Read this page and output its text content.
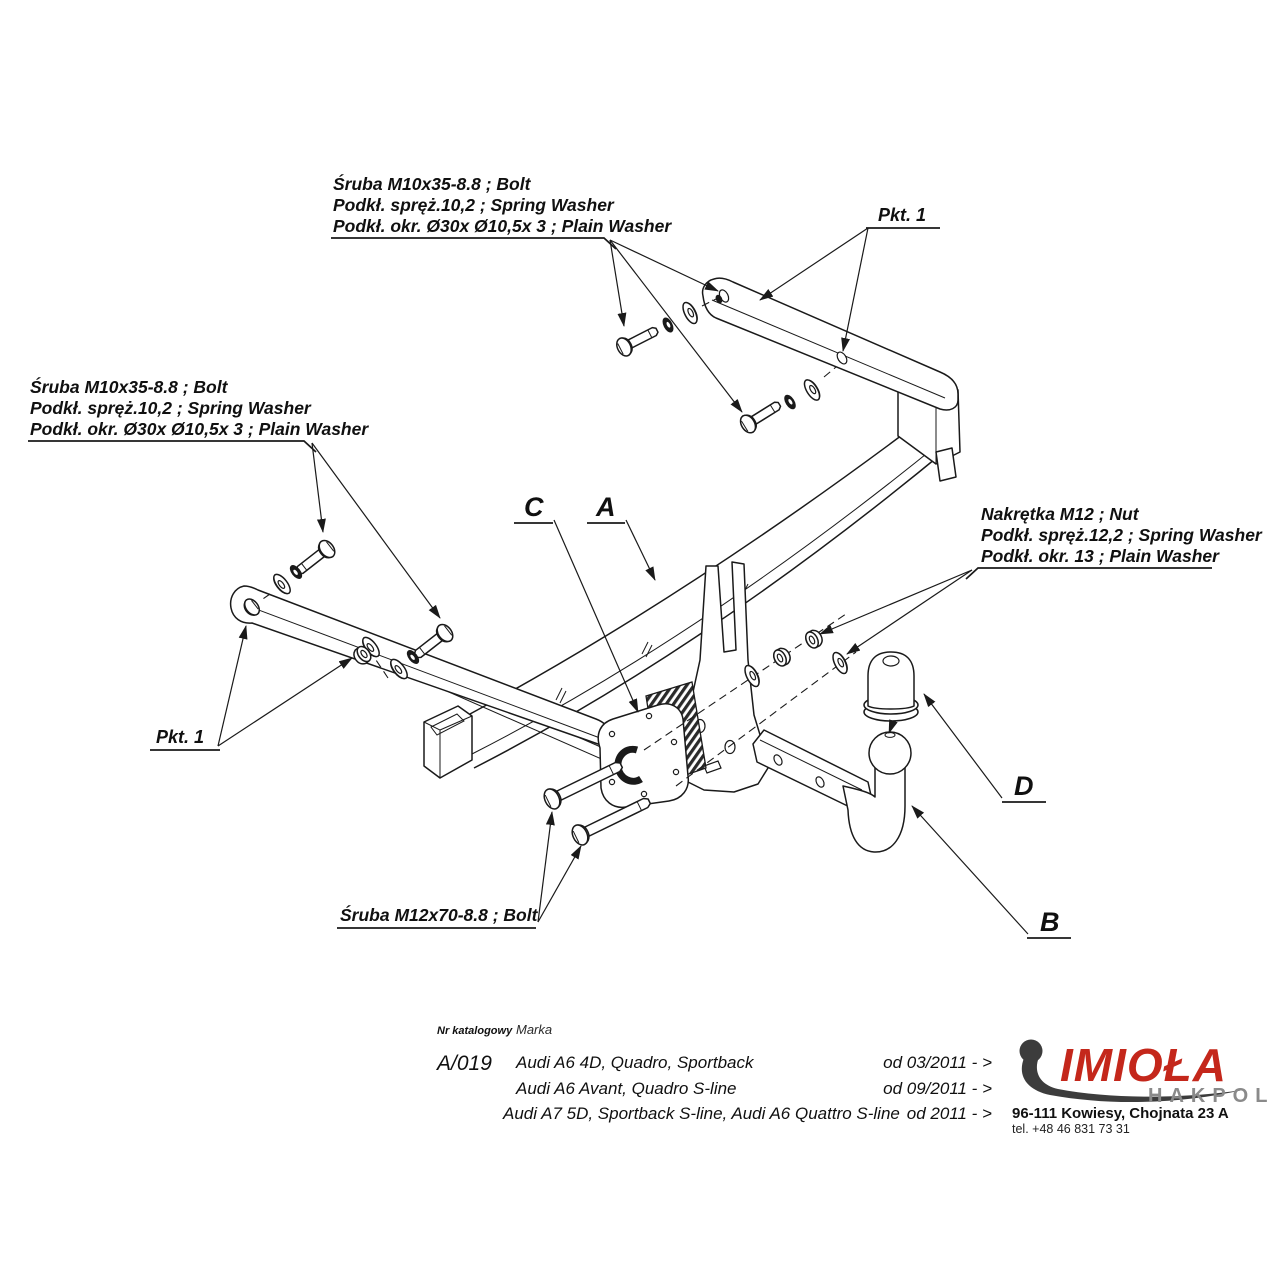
Śruba M10x35-8.8 ; Bolt
Podkł. spręż.10,2 ; Spring Washer
Podkł. okr. Ø30x Ø10,5x 3 ; Plain Washer
Śruba M10x35-8.8 ; Bolt
Podkł. spręż.10,2 ; Spring Washer
Podkł. okr. Ø30x Ø10,5x 3 ; Plain Washer
Nakrętka M12 ; Nut
Podkł. spręż.12,2 ; Spring Washer
Podkł. okr. 13 ; Plain Washer
Śruba M12x70-8.8 ; Bolt
Pkt. 1
Pkt. 1
C A
D
B
Nr katalogowy Marka
A/019 Audi A6 4D, Quadro, Sportback	od 03/2011 - >
Audi A6 Avant, Quadro S-line	od 09/2011 - >
Audi A7 5D, Sportback S-line, Audi A6 Quattro S-line od 2011 - >
IMIOŁA
HAKPOL
96-111 Kowiesy, Chojnata 23 A
tel. +48 46 831 73 31
